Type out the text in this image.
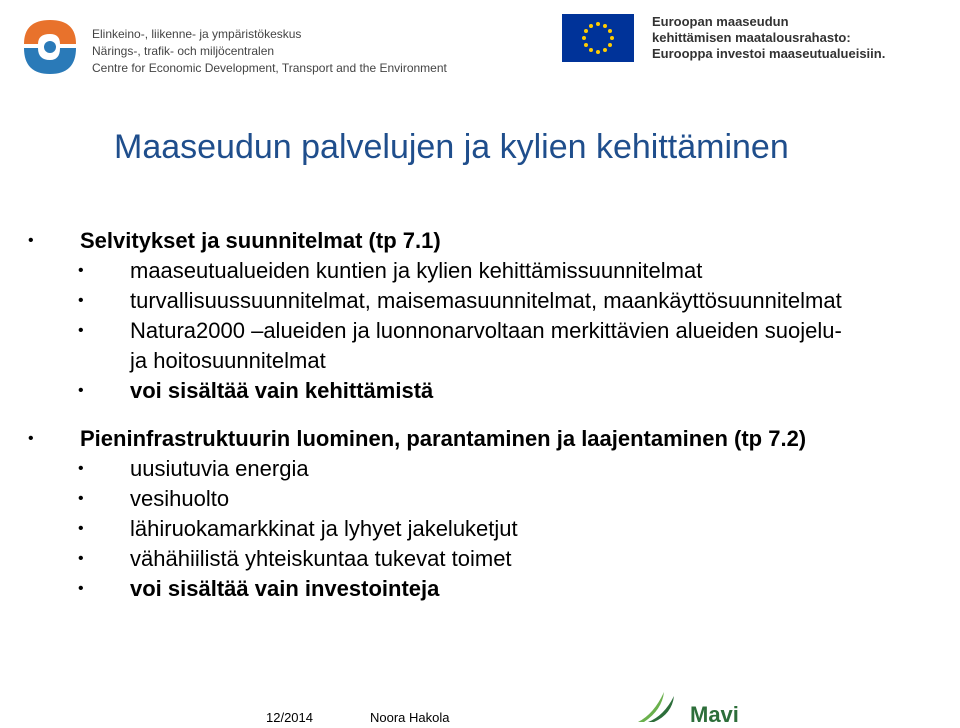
Elinkeino-, liikenne- ja ympäristökeskus
Närings-, trafik- och miljöcentralen
Centre for Economic Development, Transport and the Environment
Euroopan maaseudun
kehittämisen maatalousrahasto:
Eurooppa investoi maaseutualueisiin.
Maaseudun palvelujen ja kylien kehittäminen
• Selvitykset ja suunnitelmat (tp 7.1)
• maaseutualueiden kuntien ja kylien kehittämissuunnitelmat
• turvallisuussuunnitelmat, maisemasuunnitelmat, maankäyttösuunnitelmat
• Natura2000 –alueiden ja luonnonarvoltaan merkittävien alueiden suojelu-
ja hoitosuunnitelmat
• voi sisältää vain kehittämistä
• Pieninfrastruktuurin luominen, parantaminen ja laajentaminen (tp 7.2)
• uusiutuvia energia
• vesihuolto
• lähiruokamarkkinat ja lyhyet jakeluketjut
• vähähiilistä yhteiskuntaa tukevat toimet
• voi sisältää vain investointeja
12/2014	Noora Hakola	Mavi
